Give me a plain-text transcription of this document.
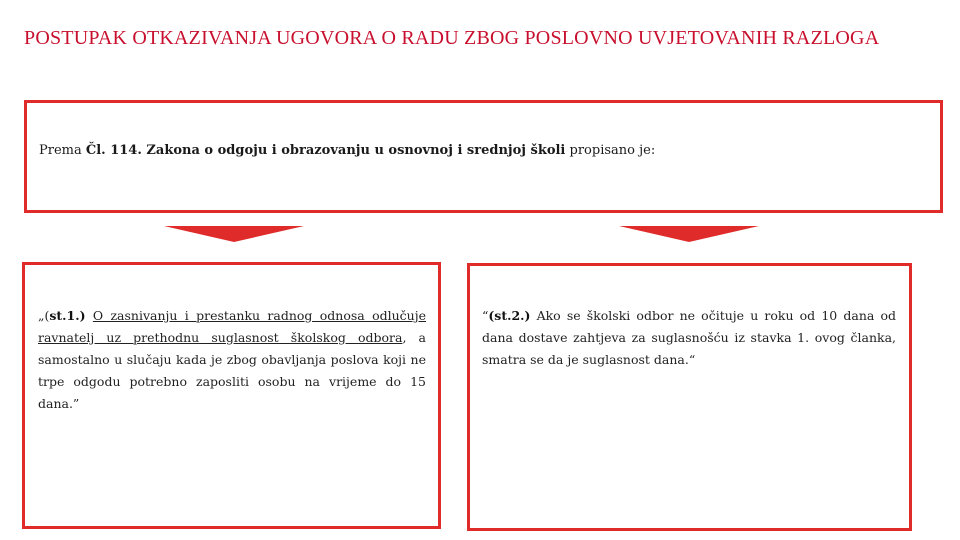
POSTUPAK OTKAZIVANJA UGOVORA O RADU ZBOG POSLOVNO UVJETOVANIH RAZLOGA
Prema Čl. 114. Zakona o odgoju i obrazovanju u osnovnoj i srednjoj školi propisano je:

„(st.1.) O zasnivanju i prestanku radnog odnosa odlučuje ravnatelj uz prethodnu suglasnost školskog odbora, a samostalno u slučaju kada je zbog obavljanja poslova koji ne trpe odgodu potrebno zaposliti osobu na vrijeme do 15 dana.”

“(st.2.) Ako se školski odbor ne očituje u roku od 10 dana od dana dostave zahtjeva za suglasnošću iz stavka 1. ovog članka, smatra se da je suglasnost dana.“
